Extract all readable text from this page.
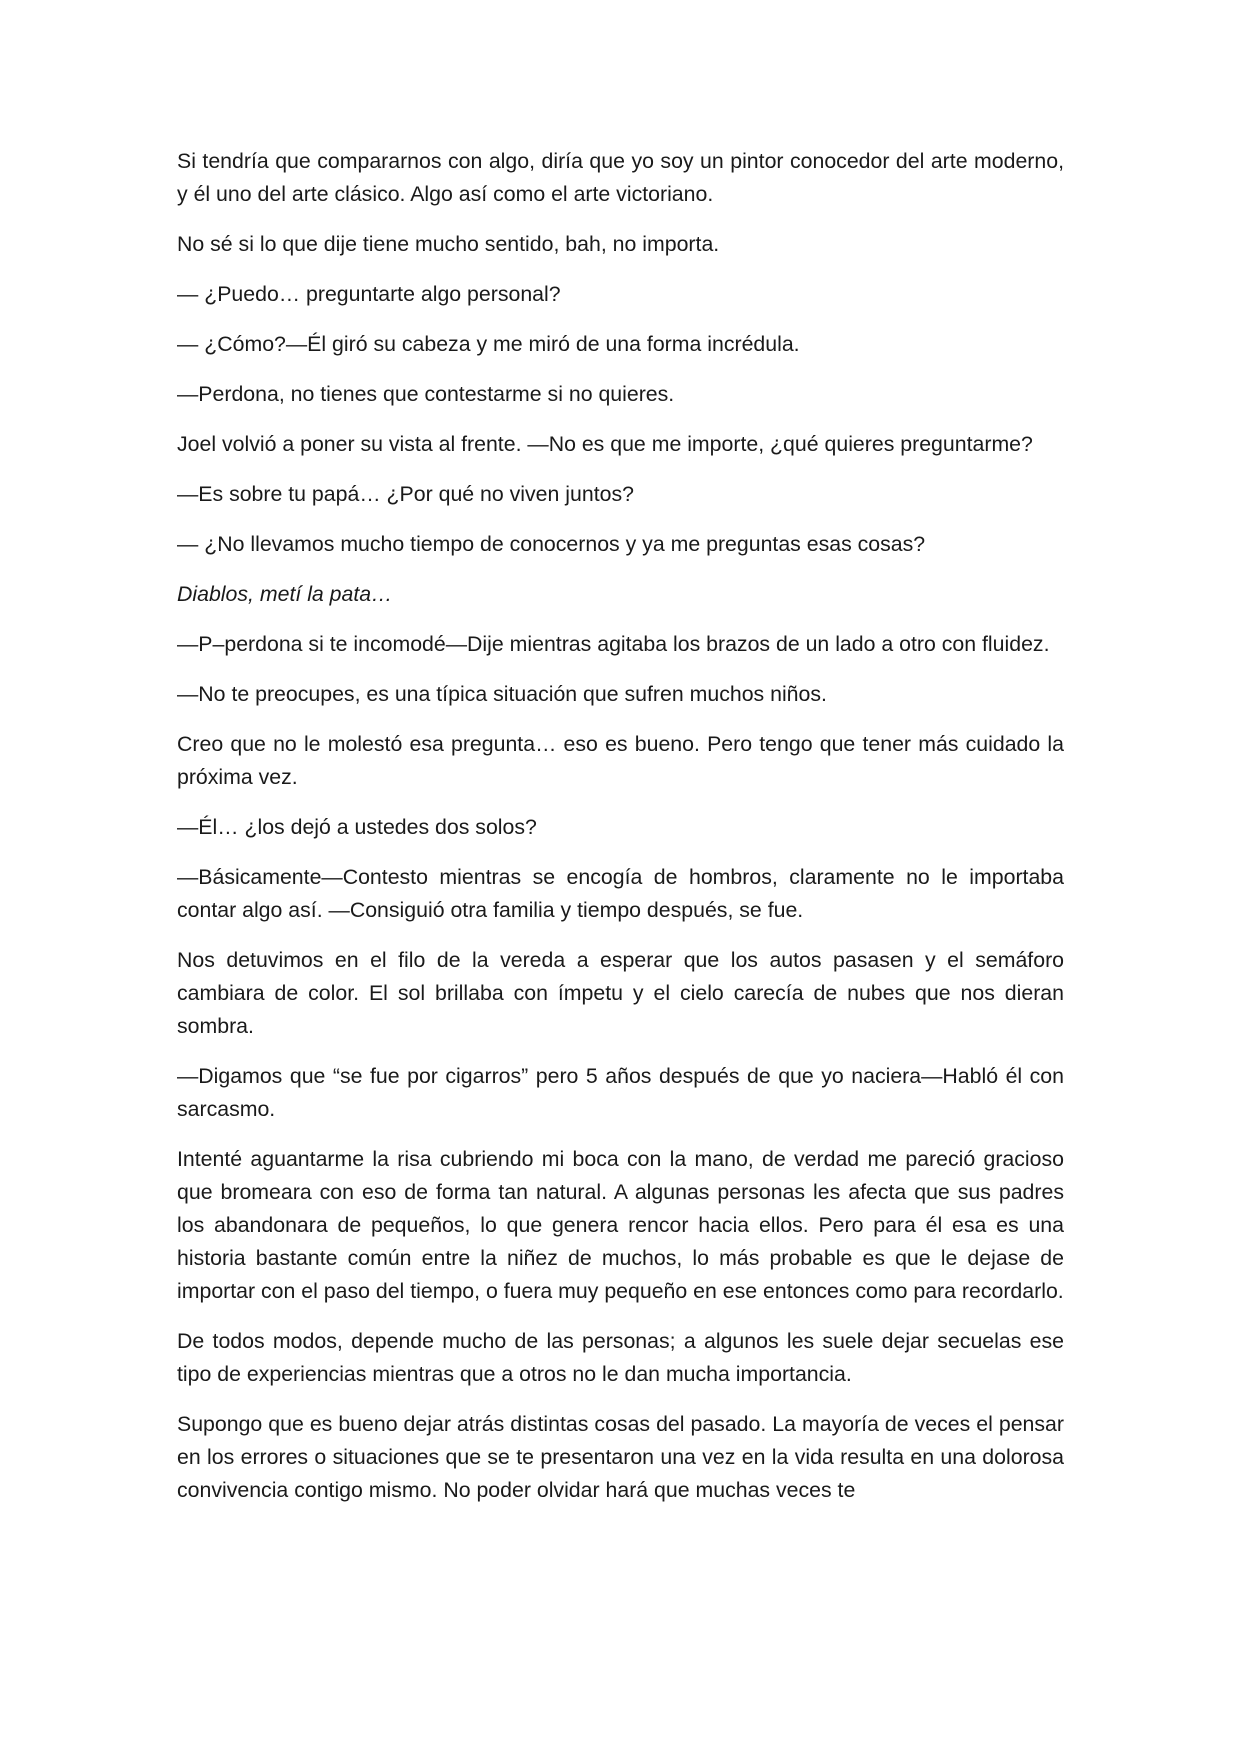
Si tendría que compararnos con algo, diría que yo soy un pintor conocedor del arte moderno, y él uno del arte clásico. Algo así como el arte victoriano.

No sé si lo que dije tiene mucho sentido, bah, no importa.

— ¿Puedo… preguntarte algo personal?

— ¿Cómo?—Él giró su cabeza y me miró de una forma incrédula.

—Perdona, no tienes que contestarme si no quieres.

Joel volvió a poner su vista al frente. —No es que me importe, ¿qué quieres preguntarme?

—Es sobre tu papá… ¿Por qué no viven juntos?

— ¿No llevamos mucho tiempo de conocernos y ya me preguntas esas cosas?

Diablos, metí la pata…

—P–perdona si te incomodé—Dije mientras agitaba los brazos de un lado a otro con fluidez.

—No te preocupes, es una típica situación que sufren muchos niños.

Creo que no le molestó esa pregunta… eso es bueno. Pero tengo que tener más cuidado la próxima vez.

—Él… ¿los dejó a ustedes dos solos?

—Básicamente—Contesto mientras se encogía de hombros, claramente no le importaba contar algo así. —Consiguió otra familia y tiempo después, se fue.

Nos detuvimos en el filo de la vereda a esperar que los autos pasasen y el semáforo cambiara de color. El sol brillaba con ímpetu y el cielo carecía de nubes que nos dieran sombra.

—Digamos que “se fue por cigarros” pero 5 años después de que yo naciera—Habló él con sarcasmo.

Intenté aguantarme la risa cubriendo mi boca con la mano, de verdad me pareció gracioso que bromeara con eso de forma tan natural. A algunas personas les afecta que sus padres los abandonara de pequeños, lo que genera rencor hacia ellos. Pero para él esa es una historia bastante común entre la niñez de muchos, lo más probable es que le dejase de importar con el paso del tiempo, o fuera muy pequeño en ese entonces como para recordarlo.

De todos modos, depende mucho de las personas; a algunos les suele dejar secuelas ese tipo de experiencias mientras que a otros no le dan mucha importancia.

Supongo que es bueno dejar atrás distintas cosas del pasado. La mayoría de veces el pensar en los errores o situaciones que se te presentaron una vez en la vida resulta en una dolorosa convivencia contigo mismo. No poder olvidar hará que muchas veces te
